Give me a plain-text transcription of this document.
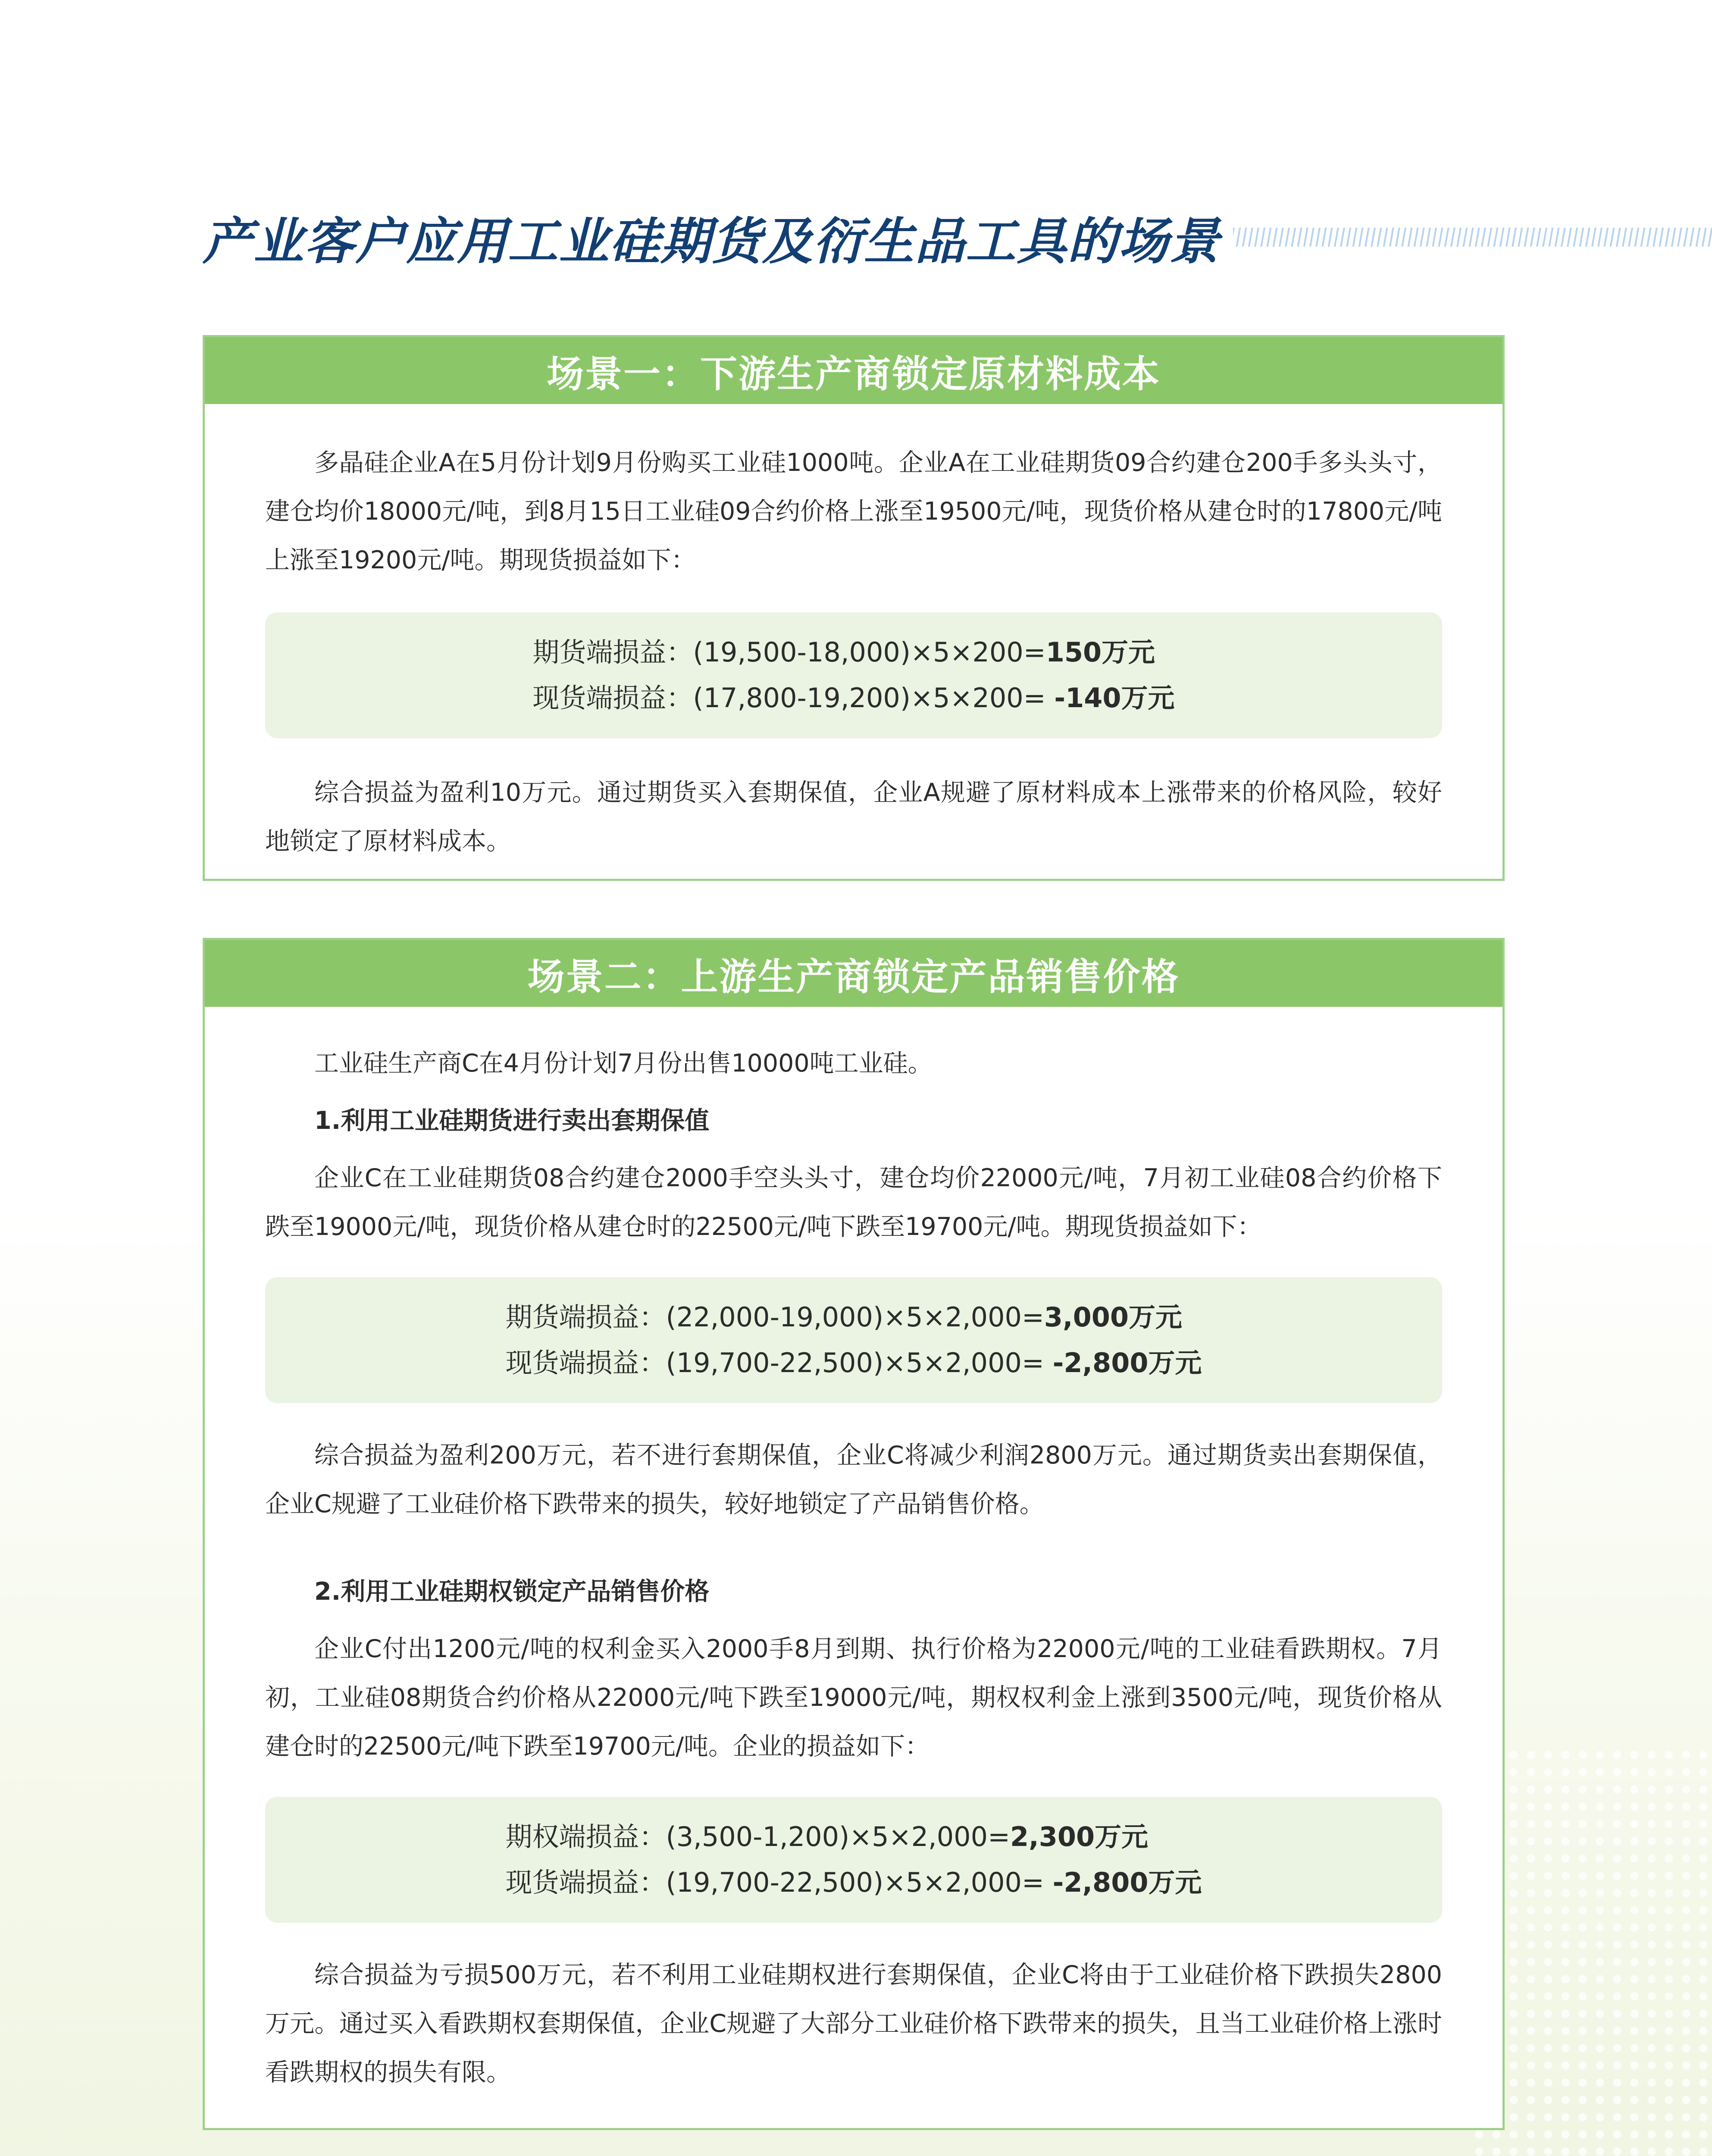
产业客户应用工业硅期货及衍生品工具的场景
场景一：下游生产商锁定原材料成本

多晶硅企业A在5月份计划9月份购买工业硅1000吨。企业A在工业硅期货09合约建仓200手多头头寸，建仓均价18000元/吨，到8月15日工业硅09合约价格上涨至19500元/吨，现货价格从建仓时的17800元/吨上涨至19200元/吨。期现货损益如下：

期货端损益：(19,500-18,000)×5×200=150万元
现货端损益：(17,800-19,200)×5×200= -140万元

综合损益为盈利10万元。通过期货买入套期保值，企业A规避了原材料成本上涨带来的价格风险，较好地锁定了原材料成本。

场景二：上游生产商锁定产品销售价格

工业硅生产商C在4月份计划7月份出售10000吨工业硅。

1.利用工业硅期货进行卖出套期保值

企业C在工业硅期货08合约建仓2000手空头头寸，建仓均价22000元/吨，7月初工业硅08合约价格下跌至19000元/吨，现货价格从建仓时的22500元/吨下跌至19700元/吨。期现货损益如下：

期货端损益：(22,000-19,000)×5×2,000=3,000万元
现货端损益：(19,700-22,500)×5×2,000= -2,800万元

综合损益为盈利200万元，若不进行套期保值，企业C将减少利润2800万元。通过期货卖出套期保值，企业C规避了工业硅价格下跌带来的损失，较好地锁定了产品销售价格。

2.利用工业硅期权锁定产品销售价格

企业C付出1200元/吨的权利金买入2000手8月到期、执行价格为22000元/吨的工业硅看跌期权。7月初，工业硅08期货合约价格从22000元/吨下跌至19000元/吨，期权权利金上涨到3500元/吨，现货价格从建仓时的22500元/吨下跌至19700元/吨。企业的损益如下：

期权端损益：(3,500-1,200)×5×2,000=2,300万元
现货端损益：(19,700-22,500)×5×2,000= -2,800万元

综合损益为亏损500万元，若不利用工业硅期权进行套期保值，企业C将由于工业硅价格下跌损失2800万元。通过买入看跌期权套期保值，企业C规避了大部分工业硅价格下跌带来的损失，且当工业硅价格上涨时看跌期权的损失有限。
